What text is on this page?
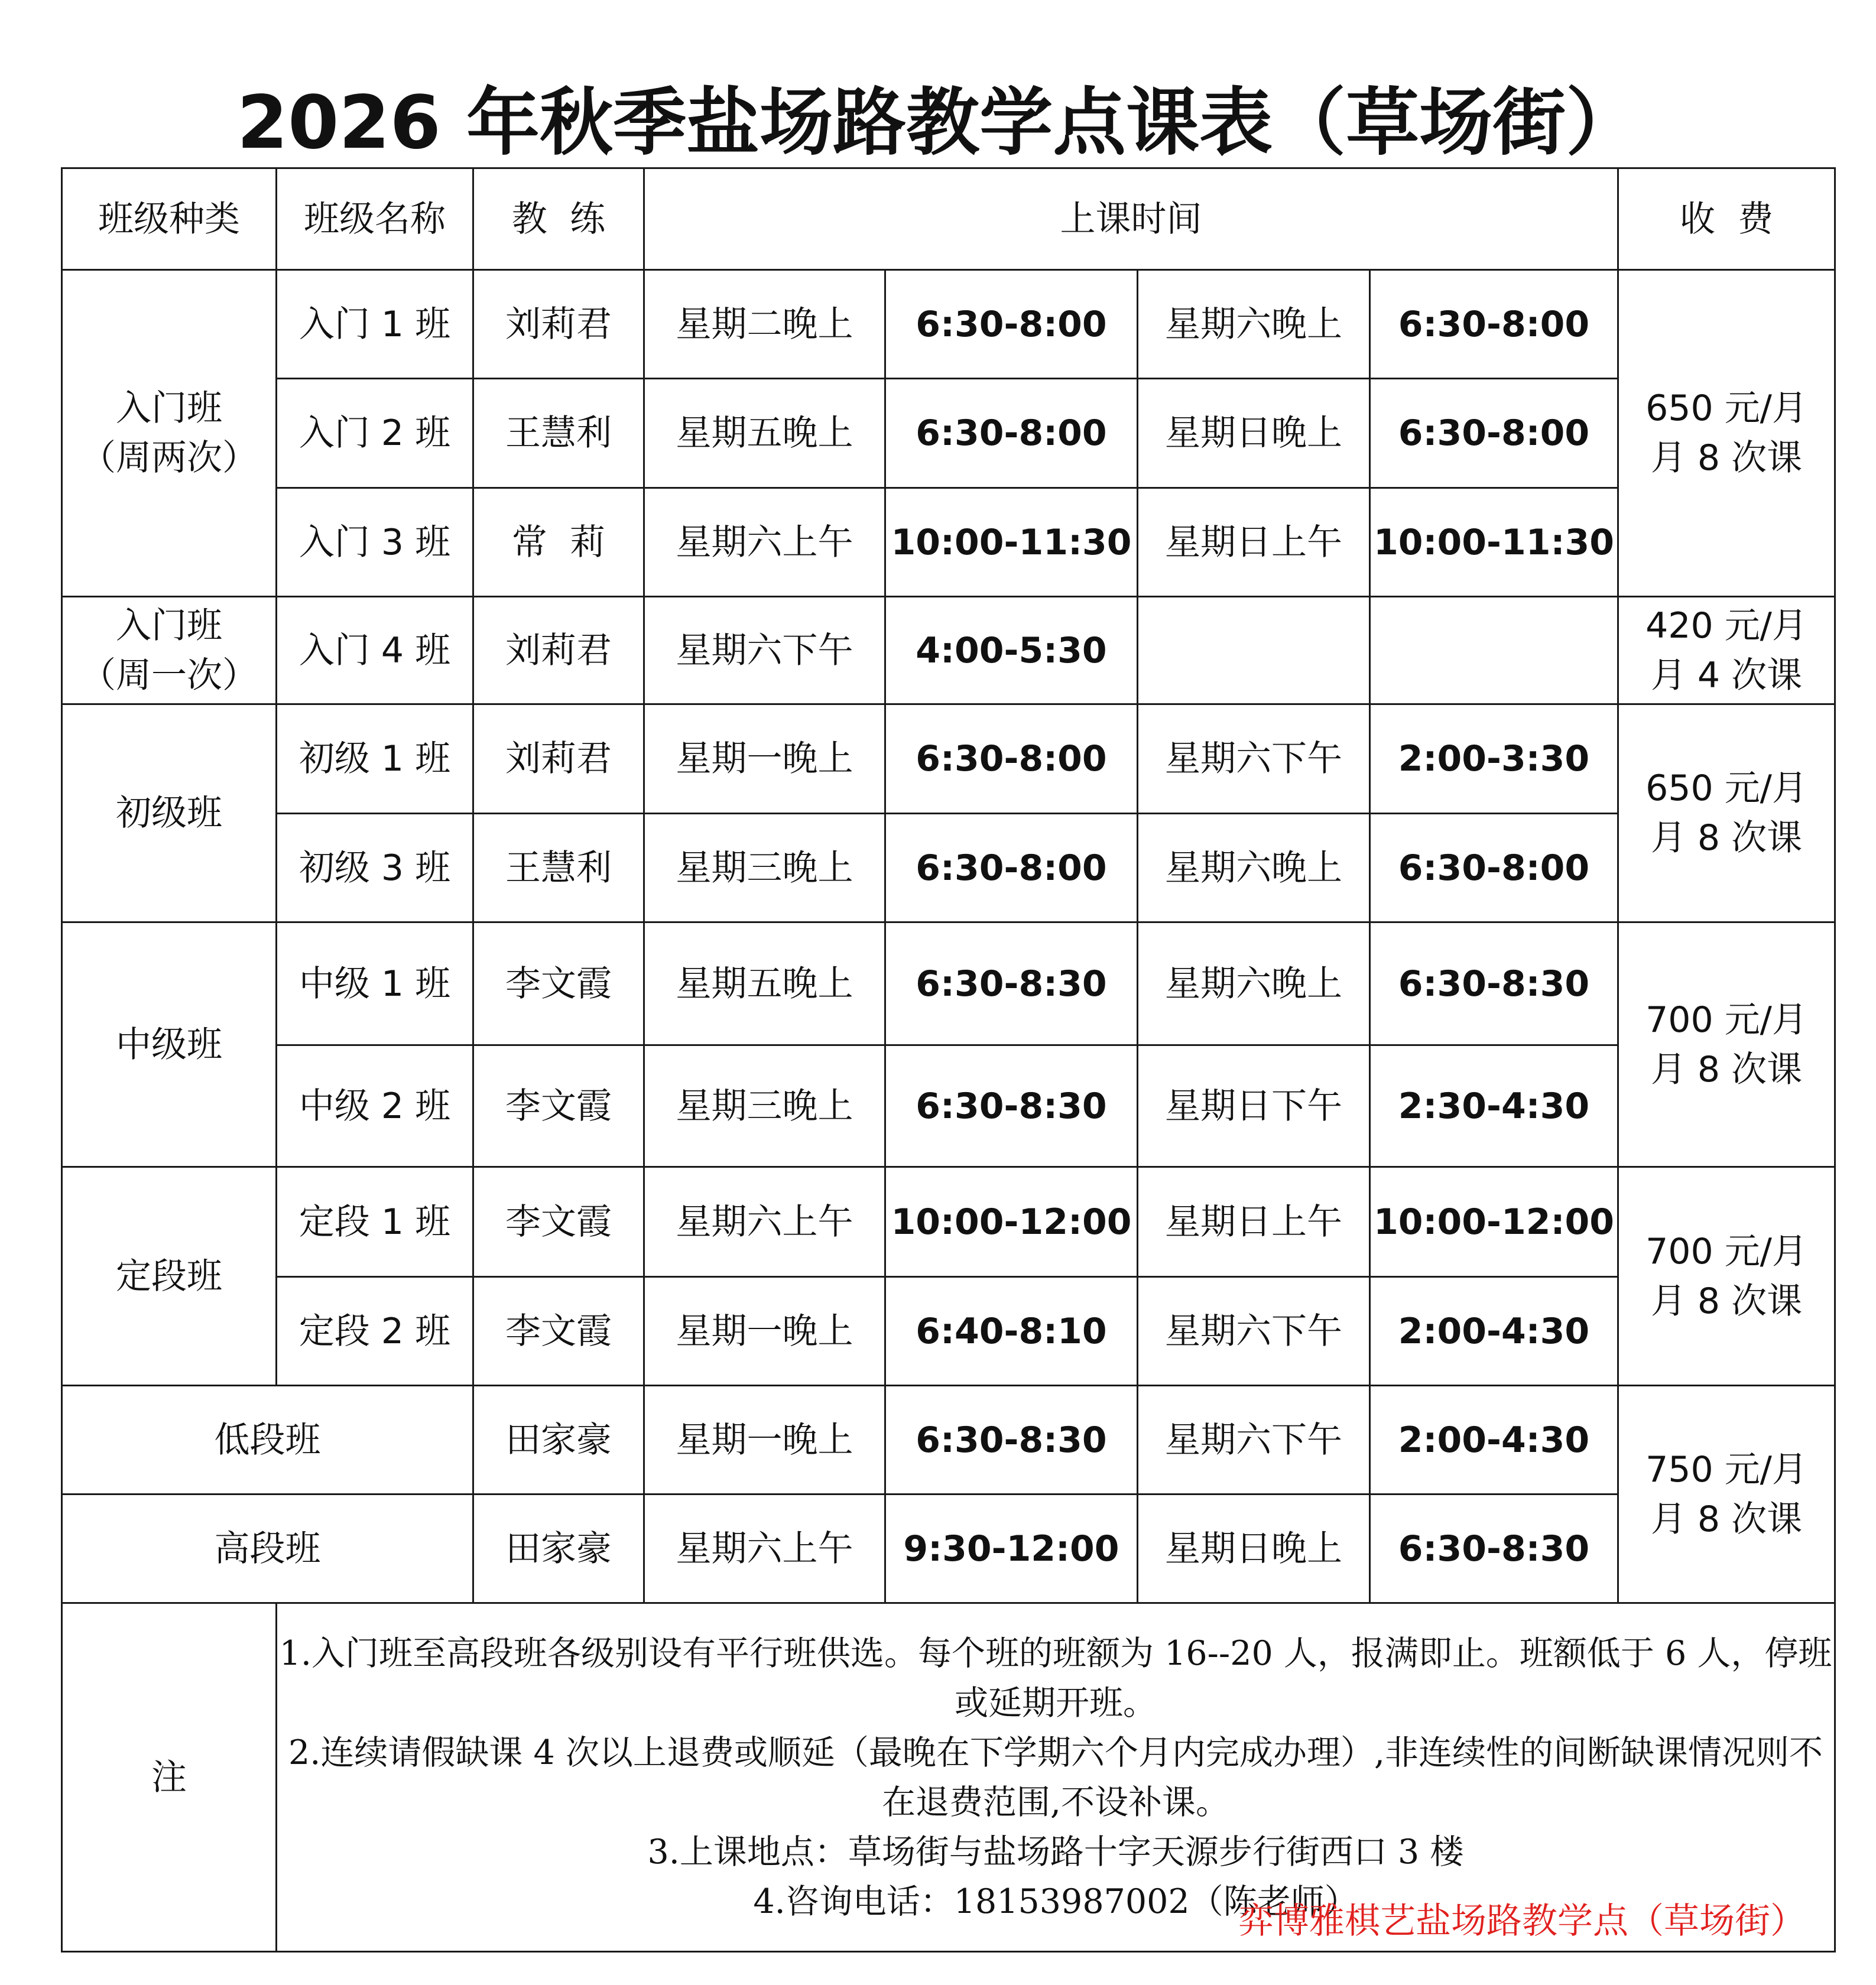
2026 年秋季盐场路教学点课表（草场街）
班级种类	班级名称	教  练	上课时间				收  费

入门班
（周两次）	入门 1 班	刘莉君	星期二晚上	6:30-8:00	星期六晚上	6:30-8:00	650 元/月
月 8 次课

	入门 2 班	王慧利	星期五晚上	6:30-8:00	星期日晚上	6:30-8:00	
	入门 3 班	常  莉	星期六上午	10:00-11:30	星期日上午	10:00-11:30	

入门班
（周一次）	入门 4 班	刘莉君	星期六下午	4:00-5:30			420 元/月
月 4 次课

初级班	初级 1 班	刘莉君	星期一晚上	6:30-8:00	星期六下午	2:00-3:30	650 元/月
月 8 次课

	初级 3 班	王慧利	星期三晚上	6:30-8:00	星期六晚上	6:30-8:00	

中级班	中级 1 班	李文霞	星期五晚上	6:30-8:30	星期六晚上	6:30-8:30	700 元/月
月 8 次课

	中级 2 班	李文霞	星期三晚上	6:30-8:30	星期日下午	2:30-4:30	

定段班	定段 1 班	李文霞	星期六上午	10:00-12:00	星期日上午	10:00-12:00	700 元/月
月 8 次课

	定段 2 班	李文霞	星期一晚上	6:40-8:10	星期六下午	2:00-4:30	
低段班		田家豪	星期一晚上	6:30-8:30	星期六下午	2:00-4:30	750 元/月
月 8 次课

高段班		田家豪	星期六上午	9:30-12:00	星期日晚上	6:30-8:30	
注	1.入门班至高段班各级别设有平行班供选。每个班的班额为 16--20 人，报满即止。班额低于 6 人，停班或延期开班。
2.连续请假缺课 4 次以上退费或顺延（最晚在下学期六个月内完成办理）,非连续性的间断缺课情况则不在退费范围,不设补课。
3.上课地点：草场街与盐场路十字天源步行街西口 3 楼
4.咨询电话：18153987002（陈老师）
弈博雅棋艺盐场路教学点（草场街）						
